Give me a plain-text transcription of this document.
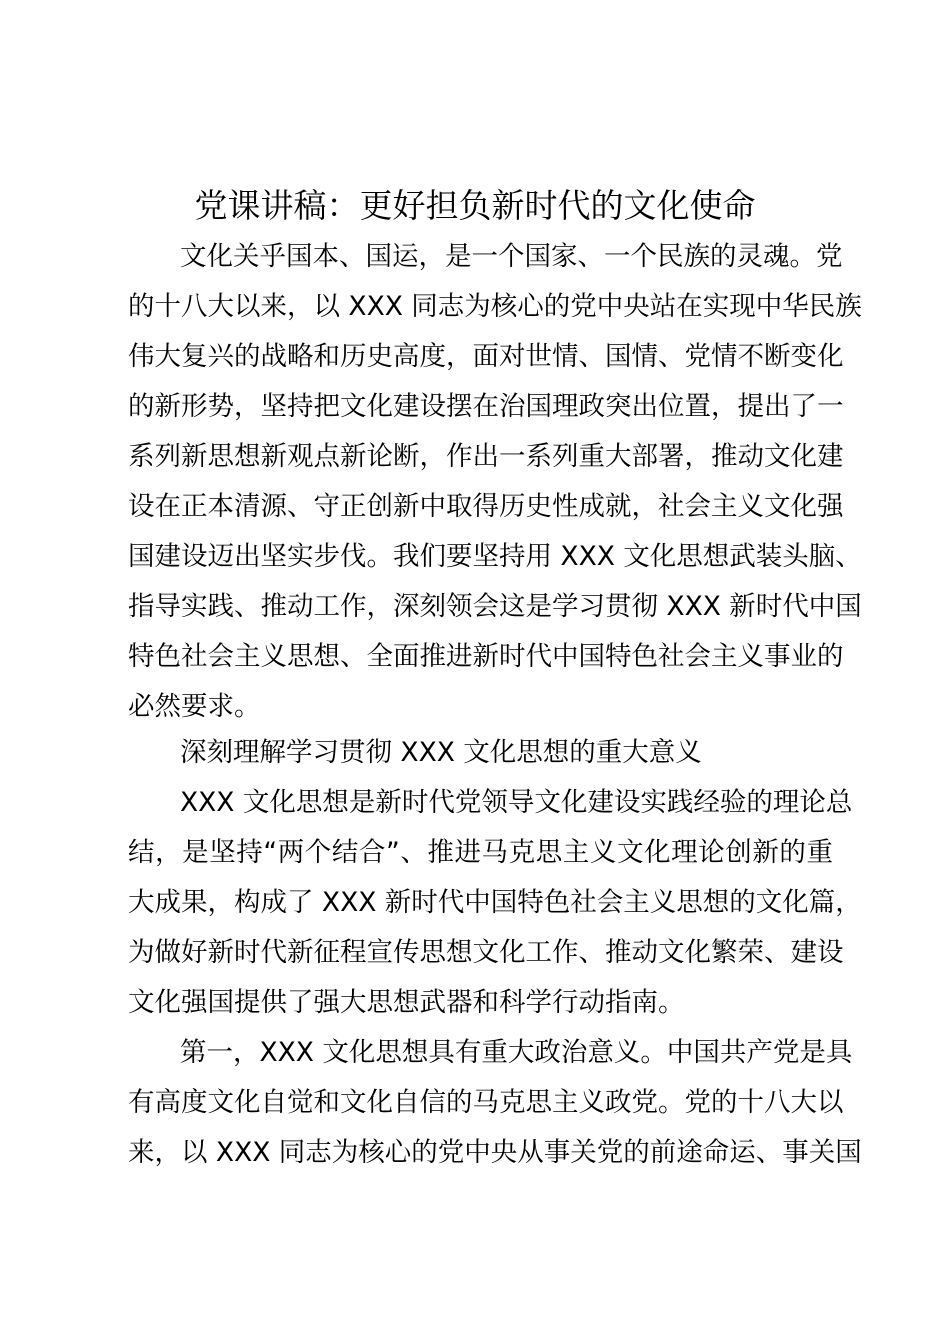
党课讲稿：更好担负新时代的文化使命
文化关乎国本、国运，是一个国家、一个民族的灵魂。党
的十八大以来，以 XXX 同志为核心的党中央站在实现中华民族
伟大复兴的战略和历史高度，面对世情、国情、党情不断变化
的新形势，坚持把文化建设摆在治国理政突出位置，提出了一
系列新思想新观点新论断，作出一系列重大部署，推动文化建
设在正本清源、守正创新中取得历史性成就，社会主义文化强
国建设迈出坚实步伐。我们要坚持用 XXX 文化思想武装头脑、
指导实践、推动工作，深刻领会这是学习贯彻 XXX 新时代中国
特色社会主义思想、全面推进新时代中国特色社会主义事业的
必然要求。
深刻理解学习贯彻 XXX 文化思想的重大意义
XXX 文化思想是新时代党领导文化建设实践经验的理论总
结，是坚持“两个结合”、推进马克思主义文化理论创新的重
大成果，构成了 XXX 新时代中国特色社会主义思想的文化篇，
为做好新时代新征程宣传思想文化工作、推动文化繁荣、建设
文化强国提供了强大思想武器和科学行动指南。
第一，XXX 文化思想具有重大政治意义。中国共产党是具
有高度文化自觉和文化自信的马克思主义政党。党的十八大以
来，以 XXX 同志为核心的党中央从事关党的前途命运、事关国
